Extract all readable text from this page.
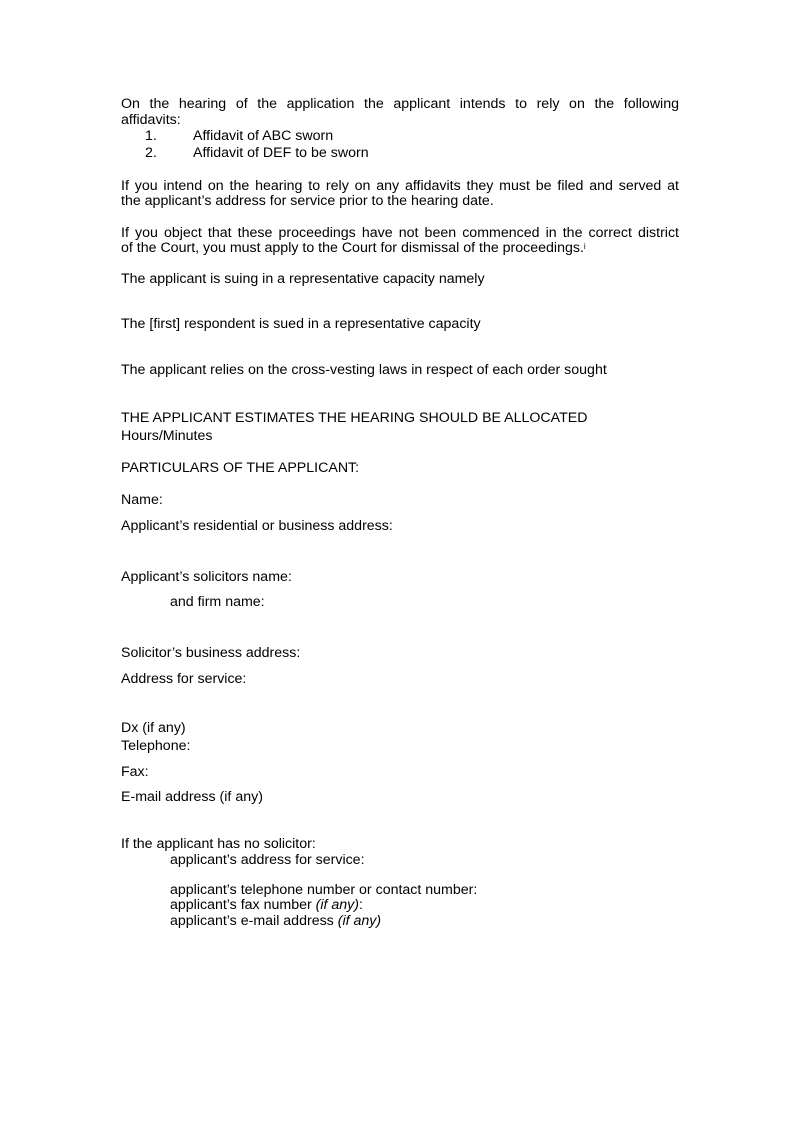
On the hearing of the application the applicant intends to rely on the following
affidavits:
1.	Affidavit of ABC sworn
2.	Affidavit of DEF to be sworn
If you intend on the hearing to rely on any affidavits they must be filed and served at
the applicant’s address for service prior to the hearing date.
If you object that these proceedings have not been commenced in the correct district
of the Court, you must apply to the Court for dismissal of the proceedings.$^i$
The applicant is suing in a representative capacity namely
The [first] respondent is sued in a representative capacity
The applicant relies on the cross-vesting laws in respect of each order sought
THE APPLICANT ESTIMATES THE HEARING SHOULD BE ALLOCATED
Hours/Minutes
PARTICULARS OF THE APPLICANT:
Name:
Applicant’s residential or business address:
Applicant’s solicitors name:
and firm name:
Solicitor’s business address:
Address for service:
Dx (if any)
Telephone:
Fax:
E-mail address (if any)
If the applicant has no solicitor:
applicant’s address for service:
applicant’s telephone number or contact number:
applicant’s fax number (if any):
applicant’s e-mail address (if any)
